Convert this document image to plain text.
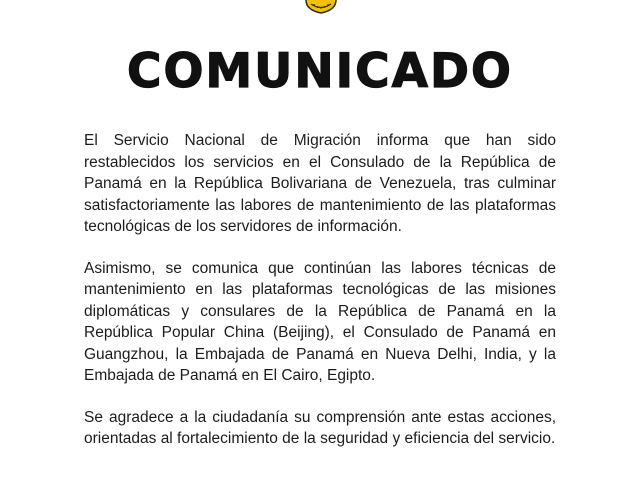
COMUNICADO

El Servicio Nacional de Migración informa que han sido restablecidos los servicios en el Consulado de la República de Panamá en la República Bolivariana de Venezuela, tras culminar satisfactoriamente las labores de mantenimiento de las plataformas tecnológicas de los servidores de información.

Asimismo, se comunica que continúan las labores técnicas de mantenimiento en las plataformas tecnológicas de las misiones diplomáticas y consulares de la República de Panamá en la República Popular China (Beijing), el Consulado de Panamá en Guangzhou, la Embajada de Panamá en Nueva Delhi, India, y la Embajada de Panamá en El Cairo, Egipto.

Se agradece a la ciudadanía su comprensión ante estas acciones, orientadas al fortalecimiento de la seguridad y eficiencia del servicio.
